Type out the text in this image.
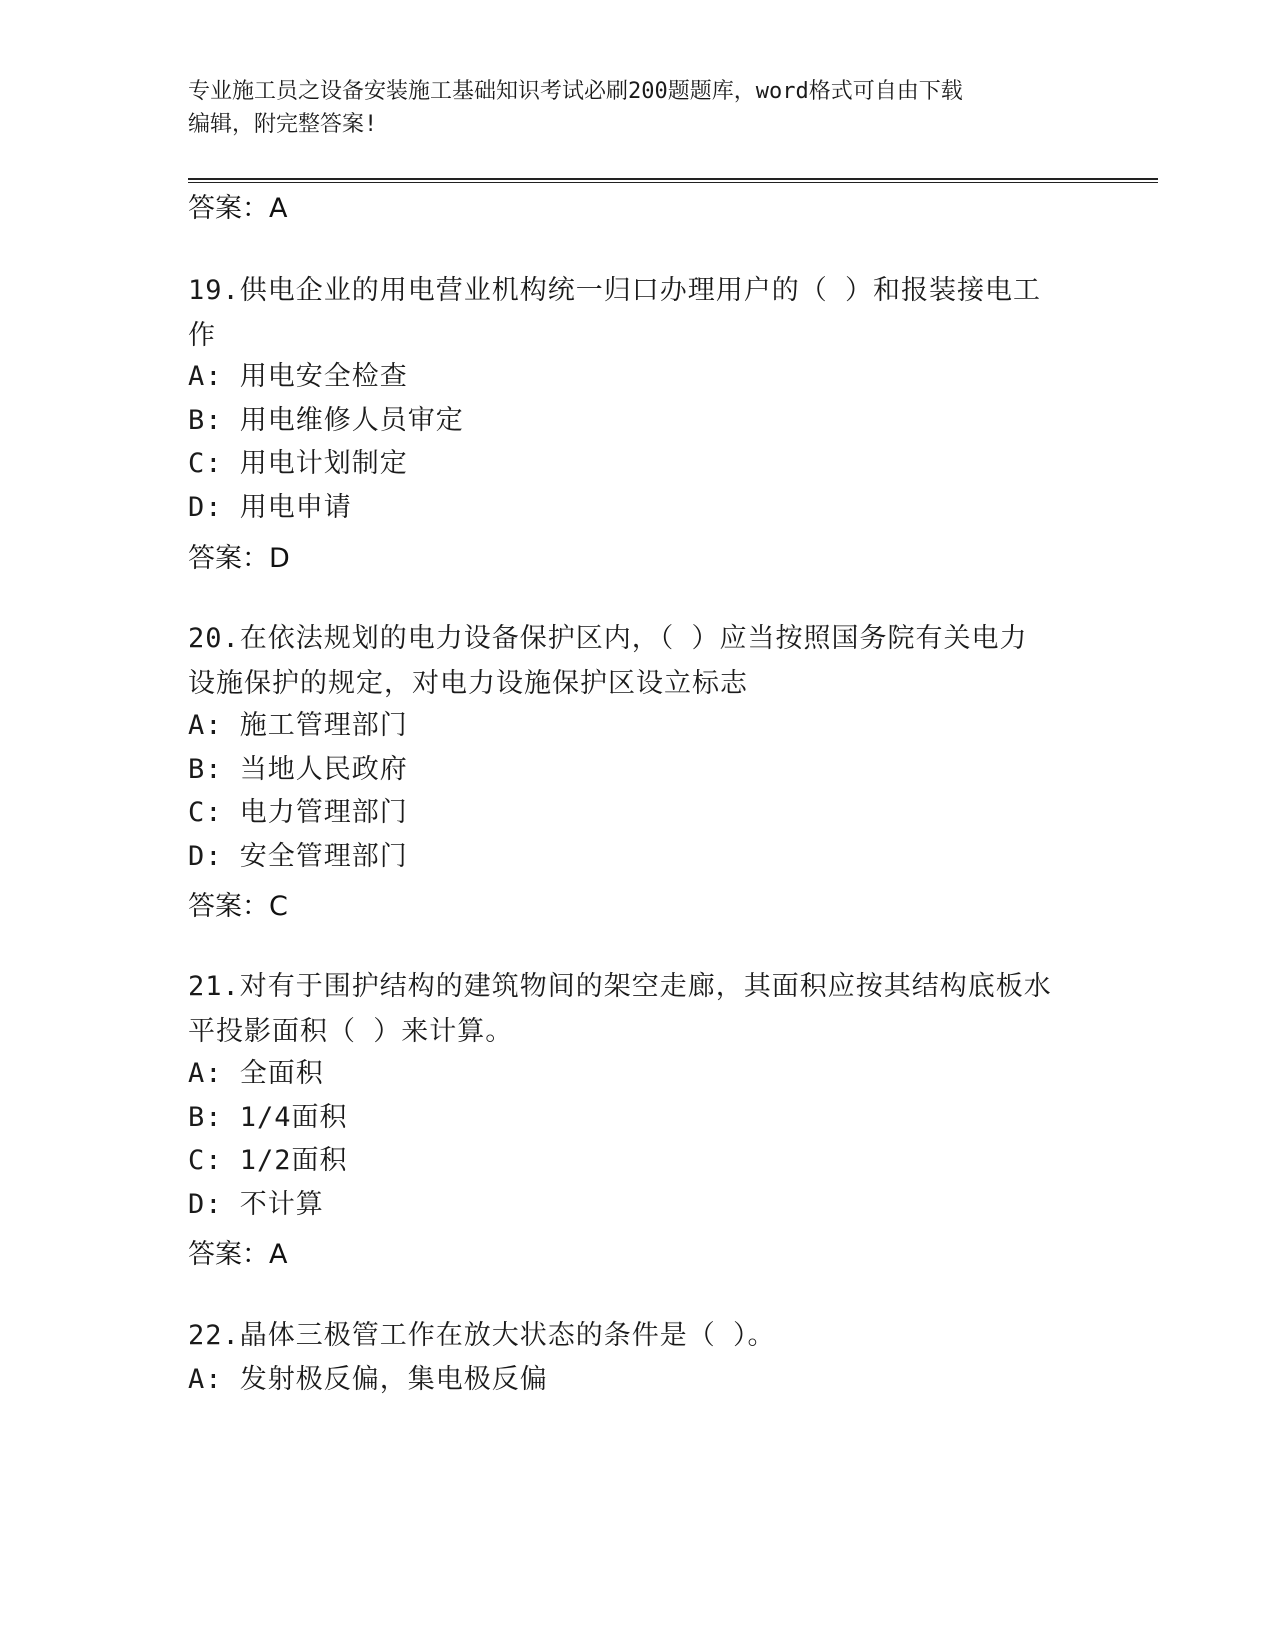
专业施工员之设备安装施工基础知识考试必刷200题题库，word格式可自由下载
编辑，附完整答案!
答案：A
19.供电企业的用电营业机构统一归口办理用户的（ ）和报装接电工
作
A: 用电安全检查
B: 用电维修人员审定
C: 用电计划制定
D: 用电申请
答案：D
20.在依法规划的电力设备保护区内，（ ）应当按照国务院有关电力
设施保护的规定，对电力设施保护区设立标志
A: 施工管理部门
B: 当地人民政府
C: 电力管理部门
D: 安全管理部门
答案：C
21.对有于围护结构的建筑物间的架空走廊，其面积应按其结构底板水
平投影面积（ ）来计算。
A: 全面积
B: 1/4面积
C: 1/2面积
D: 不计算
答案：A
22.晶体三极管工作在放大状态的条件是（ ）。
A: 发射极反偏，集电极反偏
